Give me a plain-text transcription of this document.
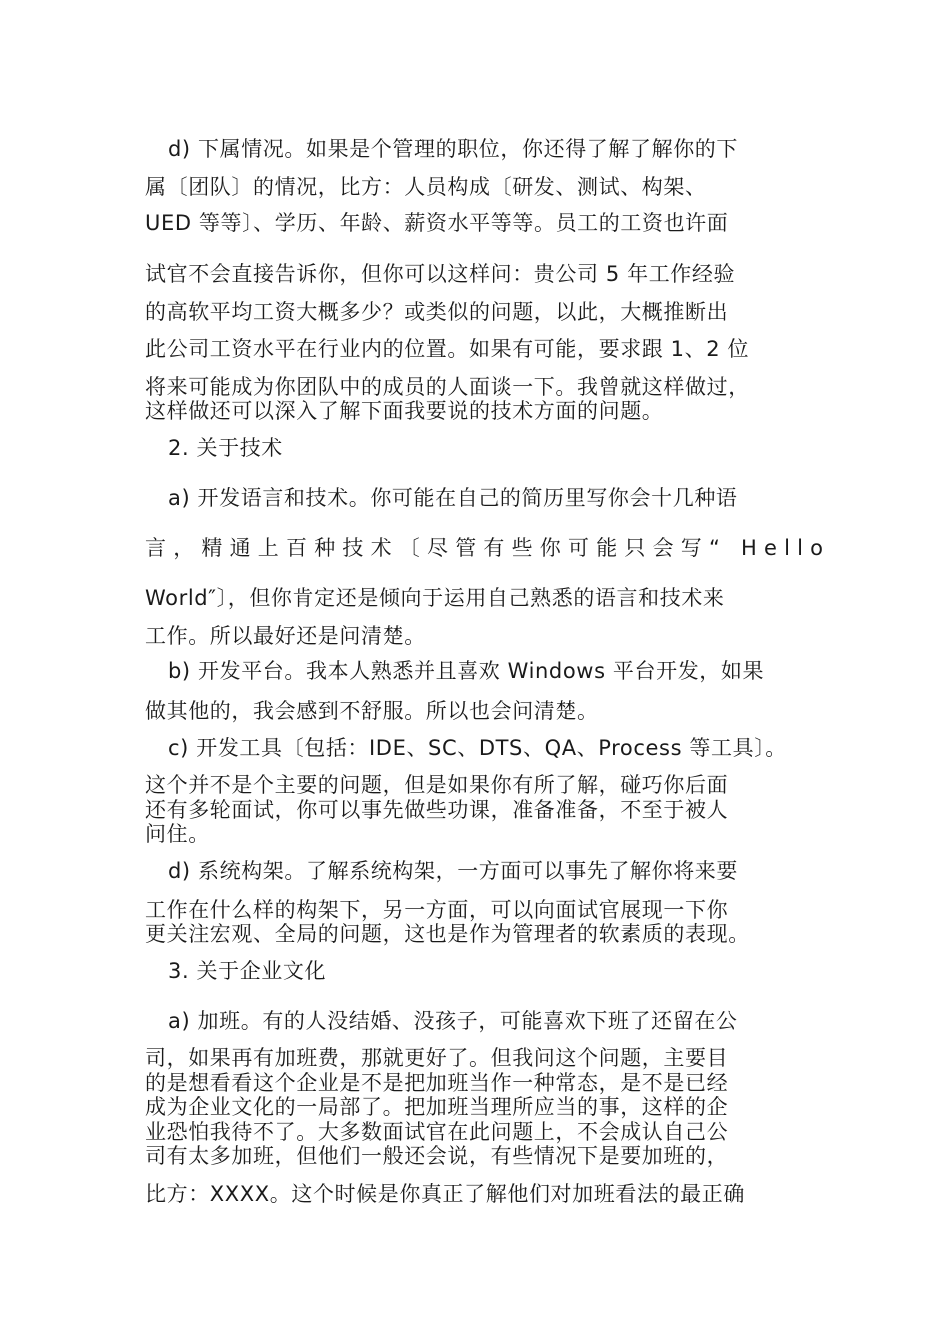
d) 下属情况。如果是个管理的职位，你还得了解了解你的下
属〔团队〕的情况，比方：人员构成〔研发、测试、构架、
UED 等等〕、学历、年龄、薪资水平等等。员工的工资也许面
试官不会直接告诉你，但你可以这样问：贵公司 5 年工作经验
的高软平均工资大概多少？或类似的问题，以此，大概推断出
此公司工资水平在行业内的位置。如果有可能，要求跟 1、2 位
将来可能成为你团队中的成员的人面谈一下。我曾就这样做过，
这样做还可以深入了解下面我要说的技术方面的问题。
2. 关于技术
a) 开发语言和技术。你可能在自己的简历里写你会十几种语
言，精通上百种技术〔尽管有些你可能只会写“ Hello
World″〕，但你肯定还是倾向于运用自己熟悉的语言和技术来
工作。所以最好还是问清楚。
b) 开发平台。我本人熟悉并且喜欢 Windows 平台开发，如果
做其他的，我会感到不舒服。所以也会问清楚。
c) 开发工具〔包括：IDE、SC、DTS、QA、Process 等工具〕。
这个并不是个主要的问题，但是如果你有所了解，碰巧你后面
还有多轮面试，你可以事先做些功课，准备准备，不至于被人
问住。
d) 系统构架。了解系统构架，一方面可以事先了解你将来要
工作在什么样的构架下，另一方面，可以向面试官展现一下你
更关注宏观、全局的问题，这也是作为管理者的软素质的表现。
3. 关于企业文化
a) 加班。有的人没结婚、没孩子，可能喜欢下班了还留在公
司，如果再有加班费，那就更好了。但我问这个问题，主要目
的是想看看这个企业是不是把加班当作一种常态，是不是已经
成为企业文化的一局部了。把加班当理所应当的事，这样的企
业恐怕我待不了。大多数面试官在此问题上，不会成认自己公
司有太多加班，但他们一般还会说，有些情况下是要加班的，
比方：XXXX。这个时候是你真正了解他们对加班看法的最正确
